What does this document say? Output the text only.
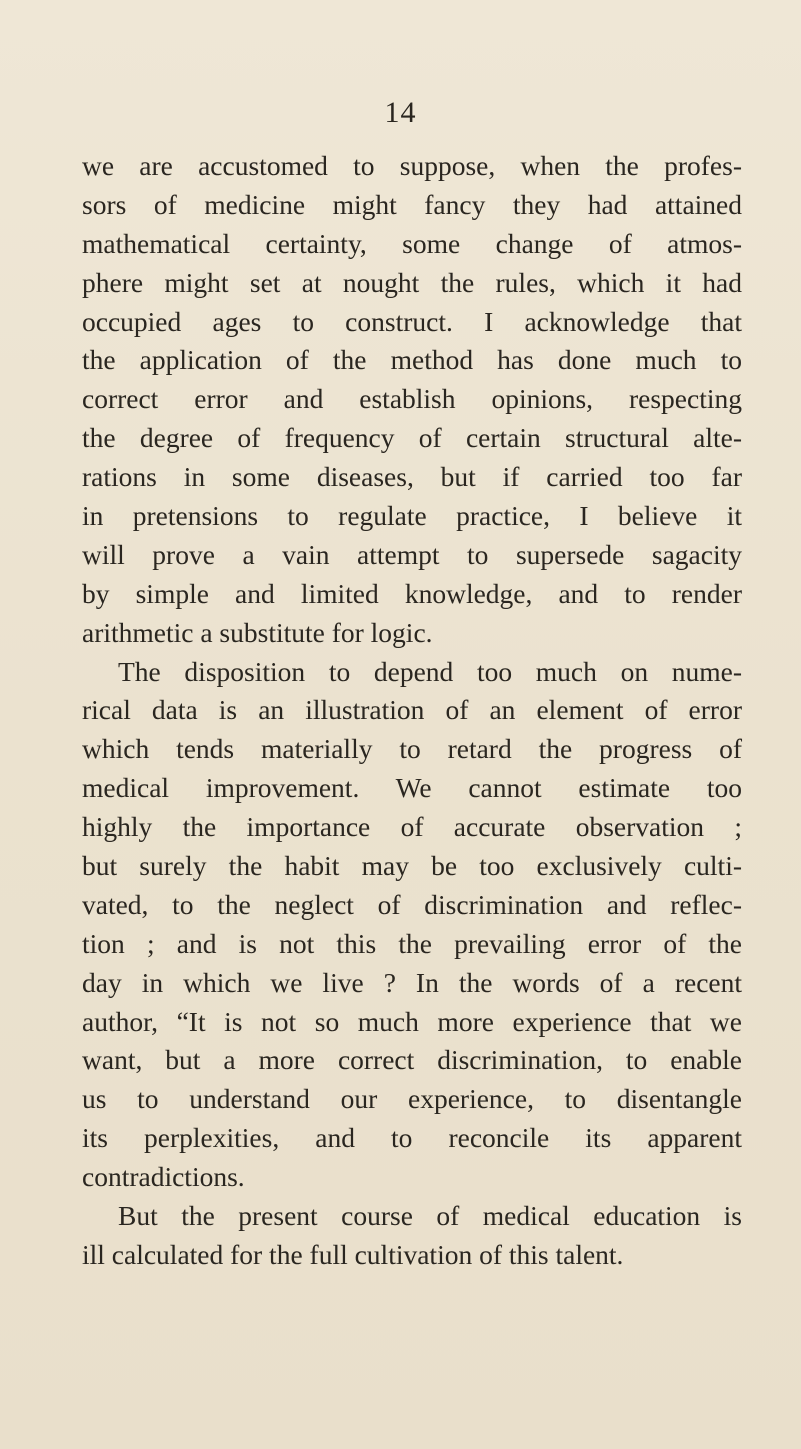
14
we are accustomed to suppose, when the profes-
sors of medicine might fancy they had attained
mathematical certainty, some change of atmos-
phere might set at nought the rules, which it had
occupied ages to construct. I acknowledge that
the application of the method has done much to
correct error and establish opinions, respecting
the degree of frequency of certain structural alte-
rations in some diseases, but if carried too far
in pretensions to regulate practice, I believe it
will prove a vain attempt to supersede sagacity
by simple and limited knowledge, and to render
arithmetic a substitute for logic.
The disposition to depend too much on nume-
rical data is an illustration of an element of error
which tends materially to retard the progress of
medical improvement. We cannot estimate too
highly the importance of accurate observation ;
but surely the habit may be too exclusively culti-
vated, to the neglect of discrimination and reflec-
tion ; and is not this the prevailing error of the
day in which we live ? In the words of a recent
author, “It is not so much more experience that we
want, but a more correct discrimination, to enable
us to understand our experience, to disentangle
its perplexities, and to reconcile its apparent
contradictions.
But the present course of medical education is
ill calculated for the full cultivation of this talent.
